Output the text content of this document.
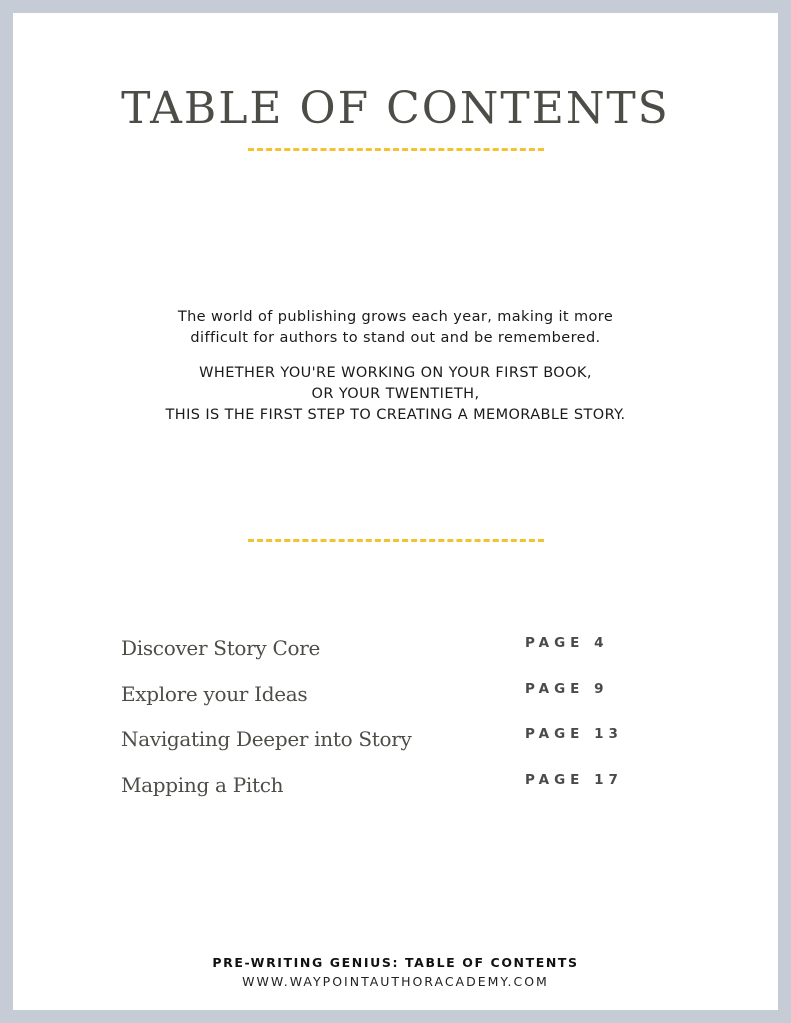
TABLE OF CONTENTS

The world of publishing grows each year, making it more
difficult for authors to stand out and be remembered.

WHETHER YOU'RE WORKING ON YOUR FIRST BOOK,
OR YOUR TWENTIETH,
THIS IS THE FIRST STEP TO CREATING A MEMORABLE STORY.

Discover Story Core	PAGE 4
Explore your Ideas	PAGE 9
Navigating Deeper into Story	PAGE 13
Mapping a Pitch	PAGE 17
PRE-WRITING GENIUS: TABLE OF CONTENTS
WWW.WAYPOINTAUTHORACADEMY.COM
